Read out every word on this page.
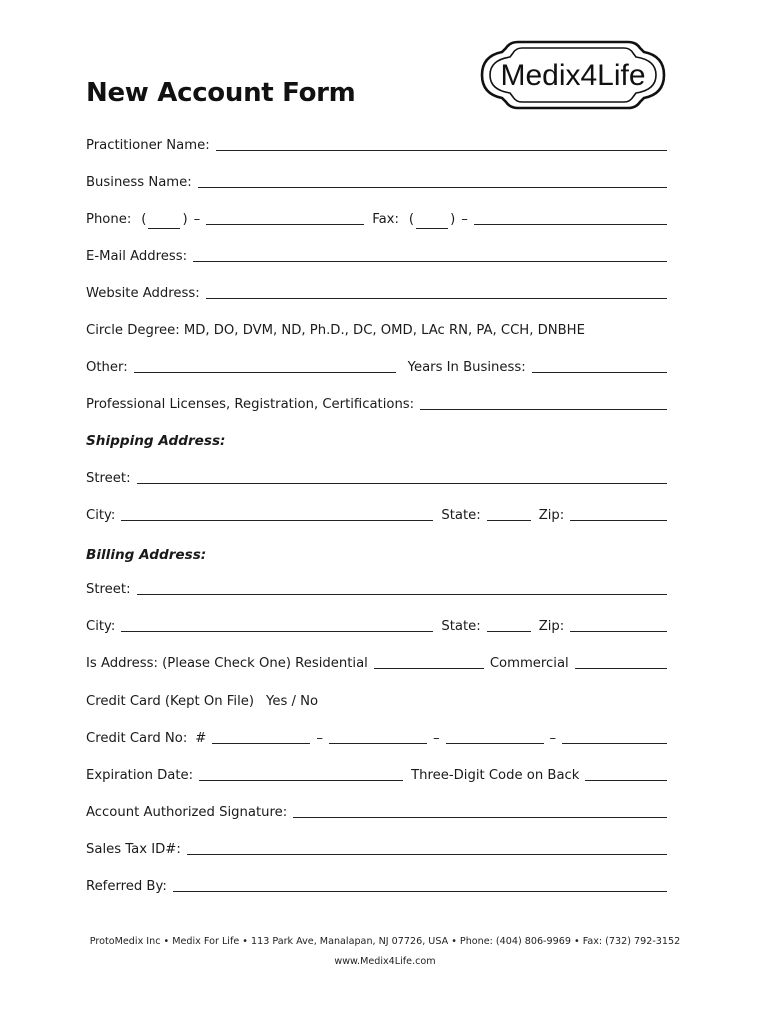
New Account Form
Medix4Life
Practitioner Name:
Business Name:
Phone: (	) –	Fax: (	) –
E-Mail Address:
Website Address:
Circle Degree: MD, DO, DVM, ND, Ph.D., DC, OMD, LAc RN, PA, CCH, DNBHE
Other:	Years In Business:
Professional Licenses, Registration, Certifications:
Shipping Address:
Street:
City:	State:	Zip:
Billing Address:
Street:
City:	State:	Zip:
Is Address: (Please Check One) Residential	Commercial
Credit Card (Kept On File) Yes / No
Credit Card No: #	–	–	–
Expiration Date:	Three-Digit Code on Back
Account Authorized Signature:
Sales Tax ID#:
Referred By:
ProtoMedix Inc • Medix For Life • 113 Park Ave, Manalapan, NJ 07726, USA • Phone: (404) 806-9969 • Fax: (732) 792-3152
www.Medix4Life.com
